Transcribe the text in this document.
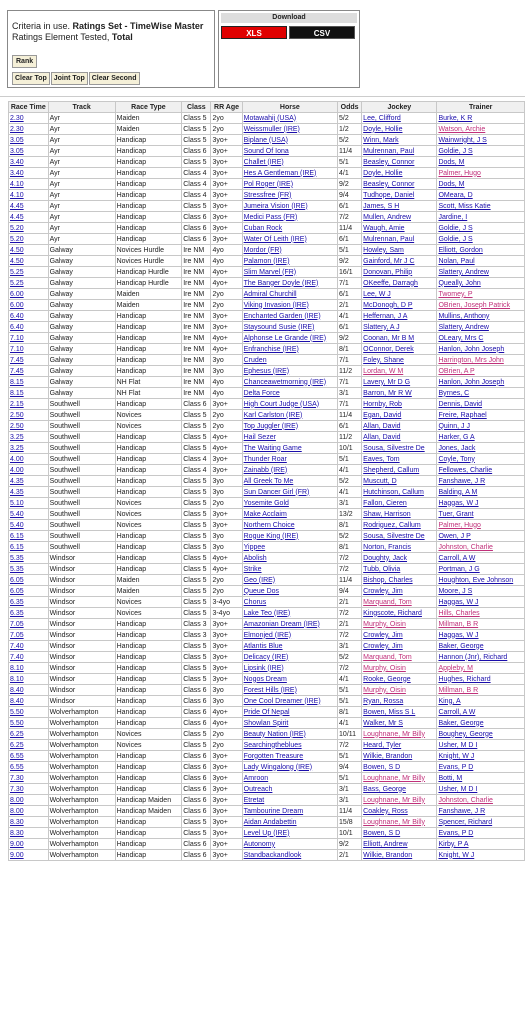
Criteria in use. Ratings Set - TimeWise Master
Ratings Element Tested, Total
Rank
Clear Top	Joint Top	Clear Second
Download
XLS	CSV
Race Time	Track	Race Type	Class	RR Age	Horse	Odds	Jockey	Trainer
2.30	Ayr	Maiden	Class 5	2yo	Motawahij (USA)	5/2	Lee, Clifford	Burke, K R
2.30	Ayr	Maiden	Class 5	2yo	Weissmuller (IRE)	1/2	Doyle, Hollie	Watson, Archie
3.05	Ayr	Handicap	Class 5	3yo+	Biplane (USA)	5/2	Winn, Mark	Wainwright, J S
3.05	Ayr	Handicap	Class 6	3yo+	Sound Of Iona	11/4	Mulrennan, Paul	Goldie, J S
3.40	Ayr	Handicap	Class 5	3yo+	Challet (IRE)	5/1	Beasley, Connor	Dods, M
3.40	Ayr	Handicap	Class 4	3yo+	Hes A Gentleman (IRE)	4/1	Doyle, Hollie	Palmer, Hugo
4.10	Ayr	Handicap	Class 4	3yo+	Pol Roger (IRE)	9/2	Beasley, Connor	Dods, M
4.10	Ayr	Handicap	Class 4	3yo+	Stressfree (FR)	9/4	Tudhope, Daniel	OMeara, D
4.45	Ayr	Handicap	Class 5	3yo+	Jumeira Vision (IRE)	6/1	James, S H	Scott, Miss Katie
4.45	Ayr	Handicap	Class 6	3yo+	Medici Pass (FR)	7/2	Mullen, Andrew	Jardine, I
5.20	Ayr	Handicap	Class 6	3yo+	Cuban Rock	11/4	Waugh, Amie	Goldie, J S
5.20	Ayr	Handicap	Class 6	3yo+	Water Of Leith (IRE)	6/1	Mulrennan, Paul	Goldie, J S
4.50	Galway	Novices Hurdle	Ire NM	4yo	Mordor (FR)	5/1	Howley, Sam	Elliott, Gordon
4.50	Galway	Novices Hurdle	Ire NM	4yo	Palamon (IRE)	9/2	Gainford, Mr J C	Nolan, Paul
5.25	Galway	Handicap Hurdle	Ire NM	4yo+	Slim Marvel (FR)	16/1	Donovan, Philip	Slattery, Andrew
5.25	Galway	Handicap Hurdle	Ire NM	4yo+	The Banger Doyle (IRE)	7/1	OKeeffe, Darragh	Queally, John
6.00	Galway	Maiden	Ire NM	2yo	Admiral Churchill	6/1	Lee, W J	Twomey, P
6.00	Galway	Maiden	Ire NM	2yo	Viking Invasion (IRE)	2/1	McDonogh, D P	OBrien, Joseph Patrick
6.40	Galway	Handicap	Ire NM	3yo+	Enchanted Garden (IRE)	4/1	Heffernan, J A	Mullins, Anthony
6.40	Galway	Handicap	Ire NM	3yo+	Staysound Susie (IRE)	6/1	Slattery, A J	Slattery, Andrew
7.10	Galway	Handicap	Ire NM	4yo+	Alphonse Le Grande (IRE)	9/2	Coonan, Mr B M	OLeary, Mrs C
7.10	Galway	Handicap	Ire NM	4yo+	Enfranchise (IRE)	8/1	OConnor, Derek	Hanlon, John Joseph
7.45	Galway	Handicap	Ire NM	3yo	Cruden	7/1	Foley, Shane	Harrington, Mrs John
7.45	Galway	Handicap	Ire NM	3yo	Ephesus (IRE)	11/2	Lordan, W M	OBrien, A P
8.15	Galway	NH Flat	Ire NM	4yo	Chanceawetmorning (IRE)	7/1	Lavery, Mr D G	Hanlon, John Joseph
8.15	Galway	NH Flat	Ire NM	4yo	Delta Force	3/1	Barron, Mr R W	Byrnes, C
2.15	Southwell	Handicap	Class 6	3yo+	High Court Judge (USA)	7/1	Hornby, Rob	Dennis, David
2.50	Southwell	Novices	Class 5	2yo	Karl Carlston (IRE)	11/4	Egan, David	Freire, Raphael
2.50	Southwell	Novices	Class 5	2yo	Top Juggler (IRE)	6/1	Allan, David	Quinn, J J
3.25	Southwell	Handicap	Class 5	4yo+	Hail Sezer	11/2	Allan, David	Harker, G A
3.25	Southwell	Handicap	Class 5	4yo+	The Waiting Game	10/1	Sousa, Silvestre De	Jones, Jack
4.00	Southwell	Handicap	Class 4	3yo+	Thunder Roar	5/1	Eaves, Tom	Coyle, Tony
4.00	Southwell	Handicap	Class 4	3yo+	Zainabb (IRE)	4/1	Shepherd, Callum	Fellowes, Charlie
4.35	Southwell	Handicap	Class 5	3yo	All Greek To Me	5/2	Muscutt, D	Fanshawe, J R
4.35	Southwell	Handicap	Class 5	3yo	Sun Dancer Girl (FR)	4/1	Hutchinson, Callum	Balding, A M
5.10	Southwell	Novices	Class 5	2yo	Yosemite Gold	3/1	Fallon, Cieren	Haggas, W J
5.40	Southwell	Novices	Class 5	3yo+	Make Acclaim	13/2	Shaw, Harrison	Tuer, Grant
5.40	Southwell	Novices	Class 5	3yo+	Northern Choice	8/1	Rodriguez, Callum	Palmer, Hugo
6.15	Southwell	Handicap	Class 5	3yo	Rogue King (IRE)	5/2	Sousa, Silvestre De	Owen, J P
6.15	Southwell	Handicap	Class 5	3yo	Yippee	8/1	Norton, Francis	Johnston, Charlie
5.35	Windsor	Handicap	Class 5	4yo+	Abolish	7/2	Doughty, Jack	Carroll, A W
5.35	Windsor	Handicap	Class 5	4yo+	Strike	7/2	Tubb, Olivia	Portman, J G
6.05	Windsor	Maiden	Class 5	2yo	Geo (IRE)	11/4	Bishop, Charles	Houghton, Eve Johnson
6.05	Windsor	Maiden	Class 5	2yo	Queue Dos	9/4	Crowley, Jim	Moore, J S
6.35	Windsor	Novices	Class 5	3-4yo	Chorus	2/1	Marquand, Tom	Haggas, W J
6.35	Windsor	Novices	Class 5	3-4yo	Lake Teo (IRE)	7/2	Kingscote, Richard	Hills, Charles
7.05	Windsor	Handicap	Class 3	3yo+	Amazonian Dream (IRE)	2/1	Murphy, Oisin	Millman, B R
7.05	Windsor	Handicap	Class 3	3yo+	Elmonjed (IRE)	7/2	Crowley, Jim	Haggas, W J
7.40	Windsor	Handicap	Class 5	3yo+	Atlantis Blue	3/1	Crowley, Jim	Baker, George
7.40	Windsor	Handicap	Class 5	3yo+	Delicacy (IRE)	5/2	Marquand, Tom	Hannon (Jnr), Richard
8.10	Windsor	Handicap	Class 5	3yo+	Lipsink (IRE)	7/2	Murphy, Oisin	Appleby, M
8.10	Windsor	Handicap	Class 5	3yo+	Nogos Dream	4/1	Rooke, George	Hughes, Richard
8.40	Windsor	Handicap	Class 6	3yo	Forest Hills (IRE)	5/1	Murphy, Oisin	Millman, B R
8.40	Windsor	Handicap	Class 6	3yo	One Cool Dreamer (IRE)	5/1	Ryan, Rossa	King, A
5.50	Wolverhampton	Handicap	Class 6	4yo+	Pride Of Nepal	8/1	Bowen, Miss S L	Carroll, A W
5.50	Wolverhampton	Handicap	Class 6	4yo+	Showlan Spirit	4/1	Walker, Mr S	Baker, George
6.25	Wolverhampton	Novices	Class 5	2yo	Beauty Nation (IRE)	10/11	Loughnane, Mr Billy	Boughey, George
6.25	Wolverhampton	Novices	Class 5	2yo	Searchingtheblues	7/2	Heard, Tyler	Usher, M D I
6.55	Wolverhampton	Handicap	Class 6	3yo+	Forgotten Treasure	5/1	Wilkie, Brandon	Knight, W J
6.55	Wolverhampton	Handicap	Class 6	3yo+	Lady Wingalong (IRE)	9/4	Bowen, S D	Evans, P D
7.30	Wolverhampton	Handicap	Class 6	3yo+	Amroon	5/1	Loughnane, Mr Billy	Botti, M
7.30	Wolverhampton	Handicap	Class 6	3yo+	Outreach	3/1	Bass, George	Usher, M D I
8.00	Wolverhampton	Handicap Maiden	Class 6	3yo+	Etretat	3/1	Loughnane, Mr Billy	Johnston, Charlie
8.00	Wolverhampton	Handicap Maiden	Class 6	3yo+	Tambourine Dream	11/4	Coakley, Ross	Fanshawe, J R
8.30	Wolverhampton	Handicap	Class 5	3yo+	Aidan Andabettin	15/8	Loughnane, Mr Billy	Spencer, Richard
8.30	Wolverhampton	Handicap	Class 5	3yo+	Level Up (IRE)	10/1	Bowen, S D	Evans, P D
9.00	Wolverhampton	Handicap	Class 6	3yo+	Autonomy	9/2	Elliott, Andrew	Kirby, P A
9.00	Wolverhampton	Handicap	Class 6	3yo+	Standbackandlook	2/1	Wilkie, Brandon	Knight, W J
